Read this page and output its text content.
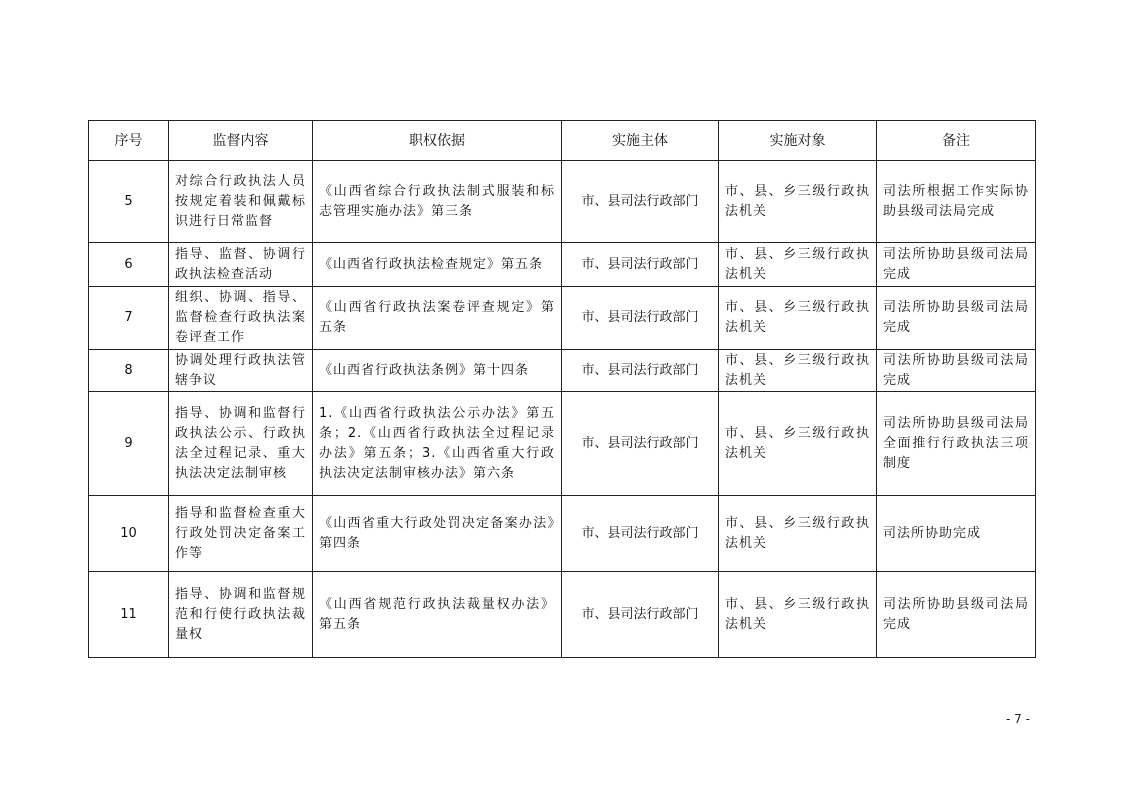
序号	监督内容	职权依据	实施主体	实施对象	备注
5	对综合行政执法人员按规定着装和佩戴标识进行日常监督	《山西省综合行政执法制式服装和标志管理实施办法》第三条	市、县司法行政部门	市、县、乡三级行政执法机关	司法所根据工作实际协助县级司法局完成
6	指导、监督、协调行政执法检查活动	《山西省行政执法检查规定》第五条	市、县司法行政部门	市、县、乡三级行政执法机关	司法所协助县级司法局完成
7	组织、协调、指导、监督检查行政执法案卷评查工作	《山西省行政执法案卷评查规定》第五条	市、县司法行政部门	市、县、乡三级行政执法机关	司法所协助县级司法局完成
8	协调处理行政执法管辖争议	《山西省行政执法条例》第十四条	市、县司法行政部门	市、县、乡三级行政执法机关	司法所协助县级司法局完成
9	指导、协调和监督行政执法公示、行政执法全过程记录、重大执法决定法制审核	1.《山西省行政执法公示办法》第五条；2.《山西省行政执法全过程记录办法》第五条；3.《山西省重大行政执法决定法制审核办法》第六条	市、县司法行政部门	市、县、乡三级行政执法机关	司法所协助县级司法局全面推行行政执法三项制度
10	指导和监督检查重大行政处罚决定备案工作等	《山西省重大行政处罚决定备案办法》第四条	市、县司法行政部门	市、县、乡三级行政执法机关	司法所协助完成
11	指导、协调和监督规范和行使行政执法裁量权	《山西省规范行政执法裁量权办法》第五条	市、县司法行政部门	市、县、乡三级行政执法机关	司法所协助县级司法局完成
- 7 -
